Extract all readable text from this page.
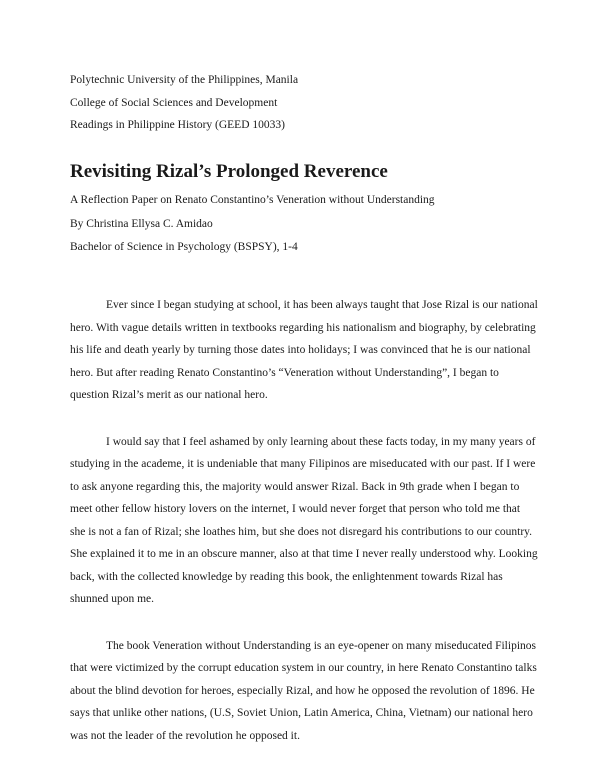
Polytechnic University of the Philippines, Manila
College of Social Sciences and Development
Readings in Philippine History (GEED 10033)
Revisiting Rizal’s Prolonged Reverence
A Reflection Paper on Renato Constantino’s Veneration without Understanding
By Christina Ellysa C. Amidao
Bachelor of Science in Psychology (BSPSY), 1-4

Ever since I began studying at school, it has been always taught that Jose Rizal is our national hero. With vague details written in textbooks regarding his nationalism and biography, by celebrating his life and death yearly by turning those dates into holidays; I was convinced that he is our national hero. But after reading Renato Constantino’s “Veneration without Understanding”, I began to question Rizal’s merit as our national hero.

I would say that I feel ashamed by only learning about these facts today, in my many years of studying in the academe, it is undeniable that many Filipinos are miseducated with our past. If I were to ask anyone regarding this, the majority would answer Rizal. Back in 9th grade when I began to meet other fellow history lovers on the internet, I would never forget that person who told me that she is not a fan of Rizal; she loathes him, but she does not disregard his contributions to our country. She explained it to me in an obscure manner, also at that time I never really understood why. Looking back, with the collected knowledge by reading this book, the enlightenment towards Rizal has shunned upon me.

The book Veneration without Understanding is an eye-opener on many miseducated Filipinos that were victimized by the corrupt education system in our country, in here Renato Constantino talks about the blind devotion for heroes, especially Rizal, and how he opposed the revolution of 1896. He says that unlike other nations, (U.S, Soviet Union, Latin America, China, Vietnam) our national hero was not the leader of the revolution he opposed it.
